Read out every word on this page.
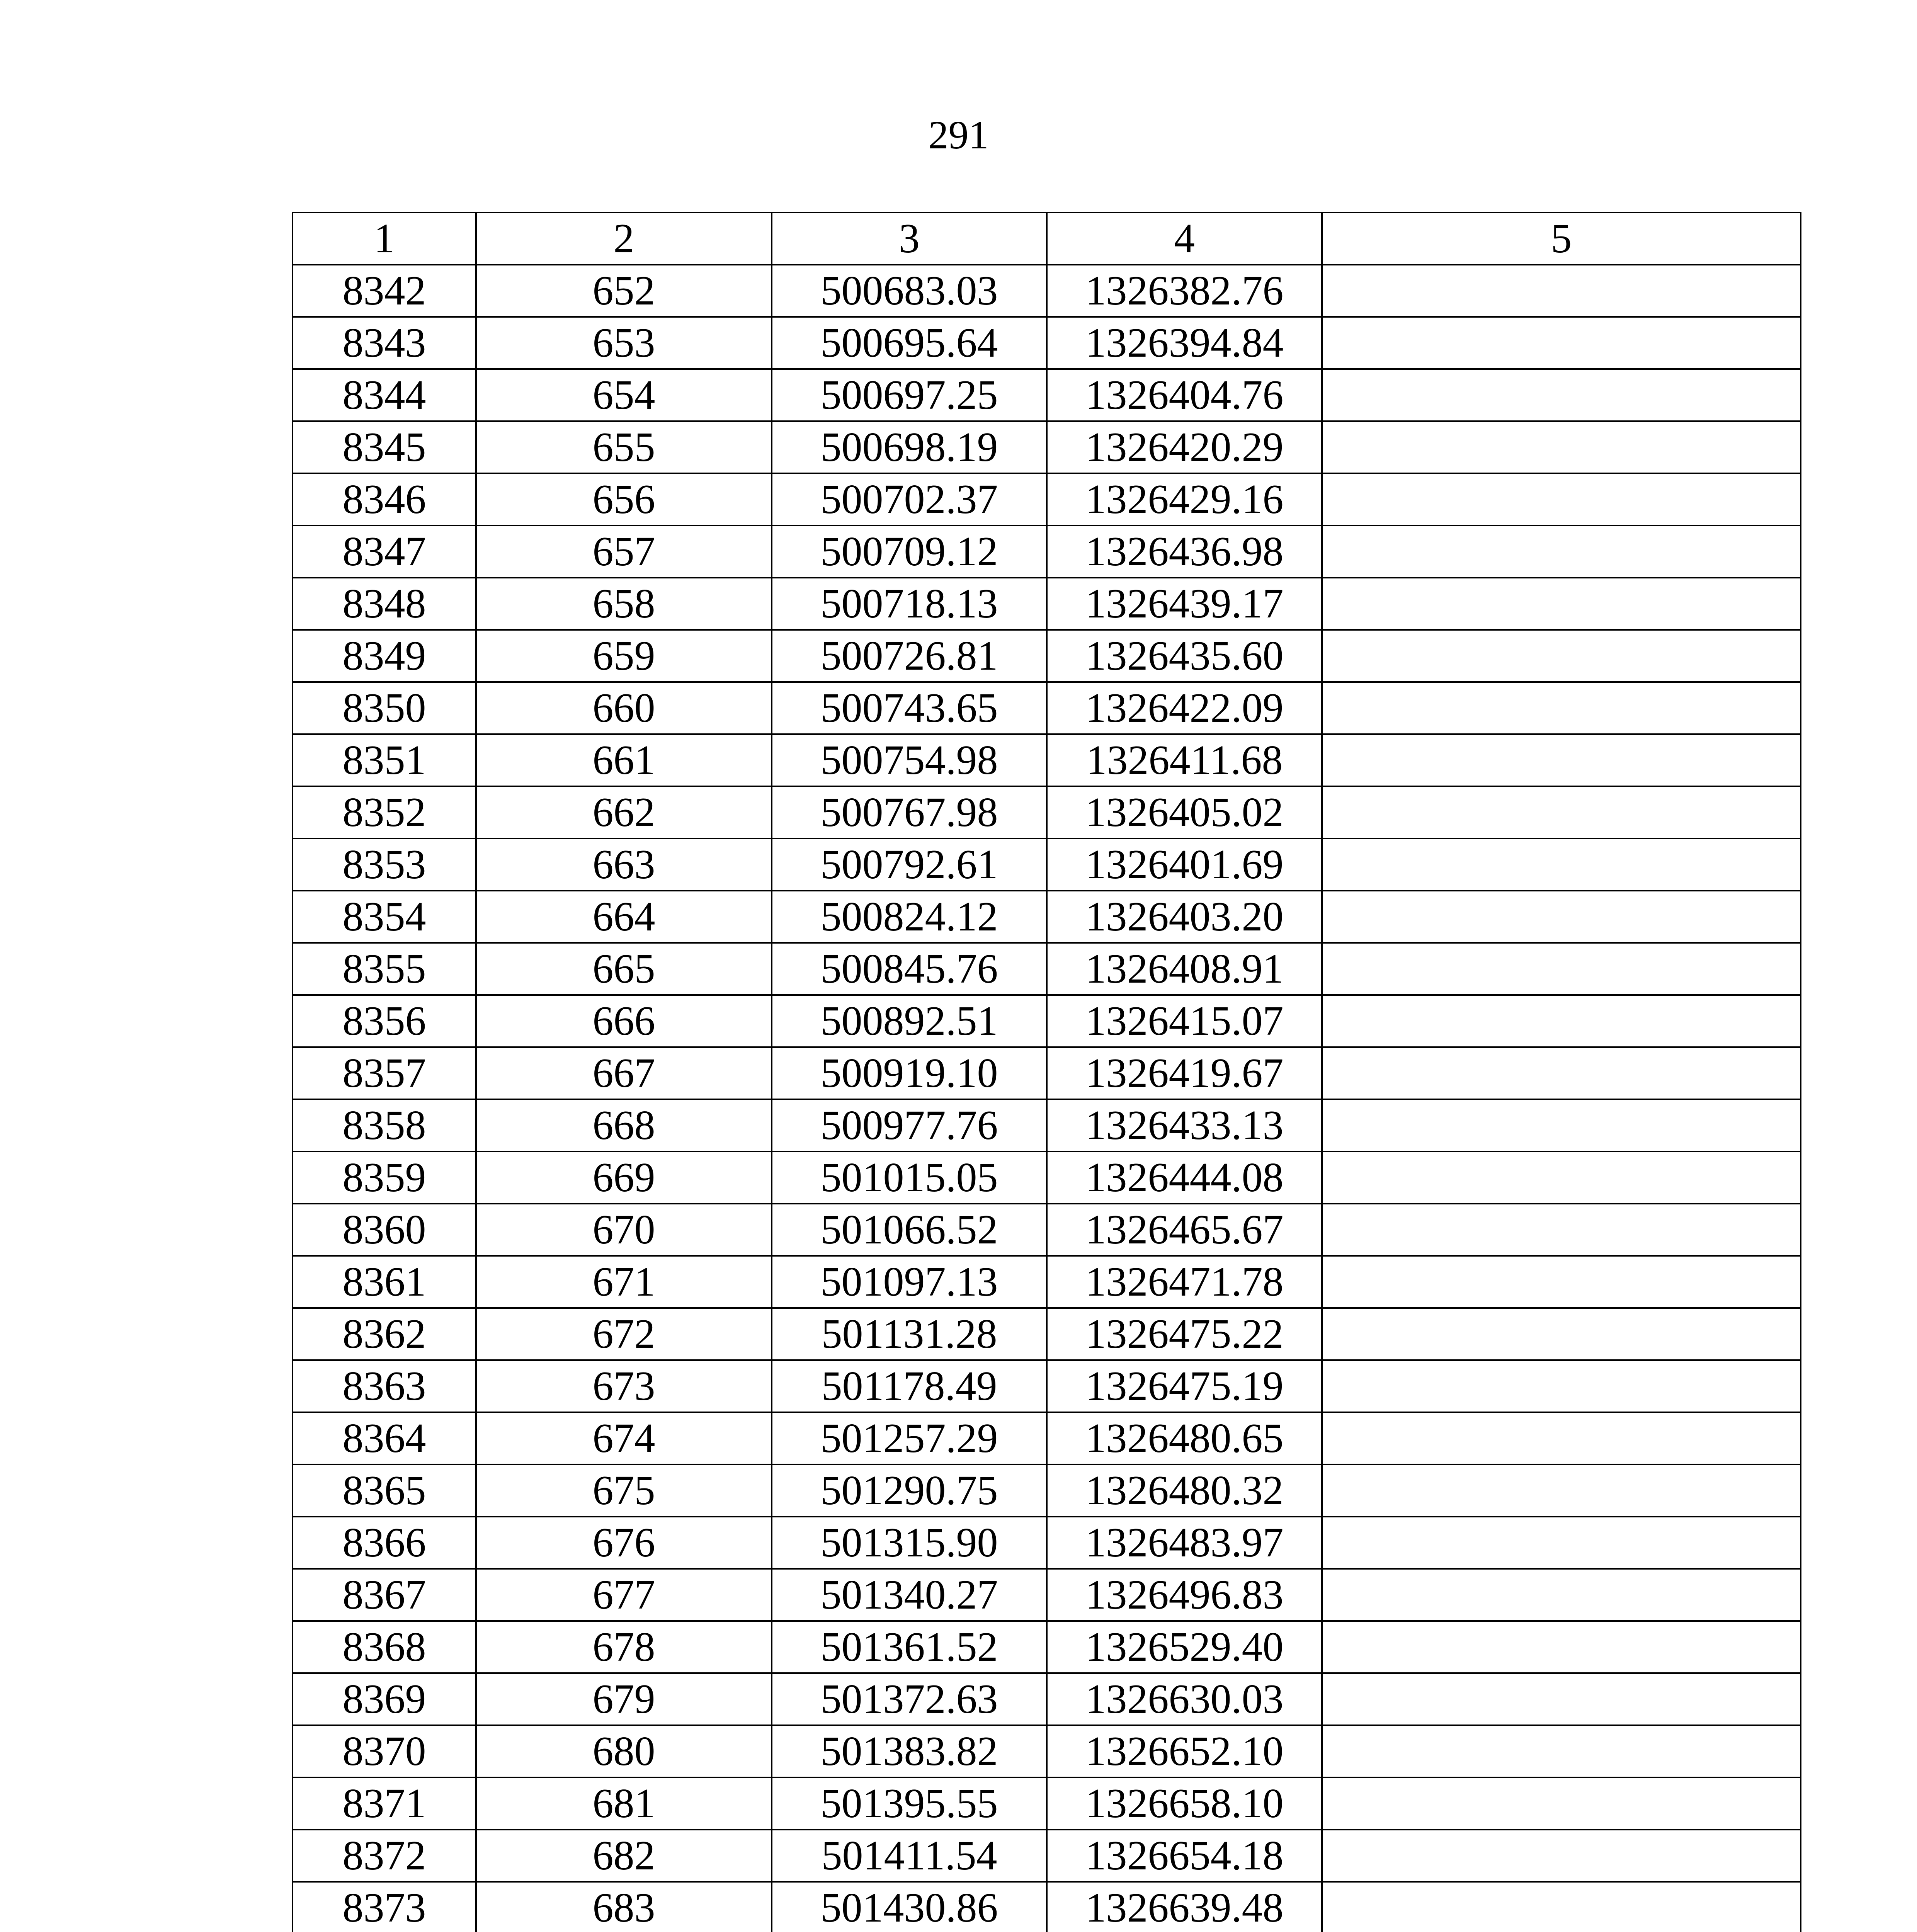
291
1	2	3	4	5
8342	652	500683.03	1326382.76	
8343	653	500695.64	1326394.84	
8344	654	500697.25	1326404.76	
8345	655	500698.19	1326420.29	
8346	656	500702.37	1326429.16	
8347	657	500709.12	1326436.98	
8348	658	500718.13	1326439.17	
8349	659	500726.81	1326435.60	
8350	660	500743.65	1326422.09	
8351	661	500754.98	1326411.68	
8352	662	500767.98	1326405.02	
8353	663	500792.61	1326401.69	
8354	664	500824.12	1326403.20	
8355	665	500845.76	1326408.91	
8356	666	500892.51	1326415.07	
8357	667	500919.10	1326419.67	
8358	668	500977.76	1326433.13	
8359	669	501015.05	1326444.08	
8360	670	501066.52	1326465.67	
8361	671	501097.13	1326471.78	
8362	672	501131.28	1326475.22	
8363	673	501178.49	1326475.19	
8364	674	501257.29	1326480.65	
8365	675	501290.75	1326480.32	
8366	676	501315.90	1326483.97	
8367	677	501340.27	1326496.83	
8368	678	501361.52	1326529.40	
8369	679	501372.63	1326630.03	
8370	680	501383.82	1326652.10	
8371	681	501395.55	1326658.10	
8372	682	501411.54	1326654.18	
8373	683	501430.86	1326639.48	
